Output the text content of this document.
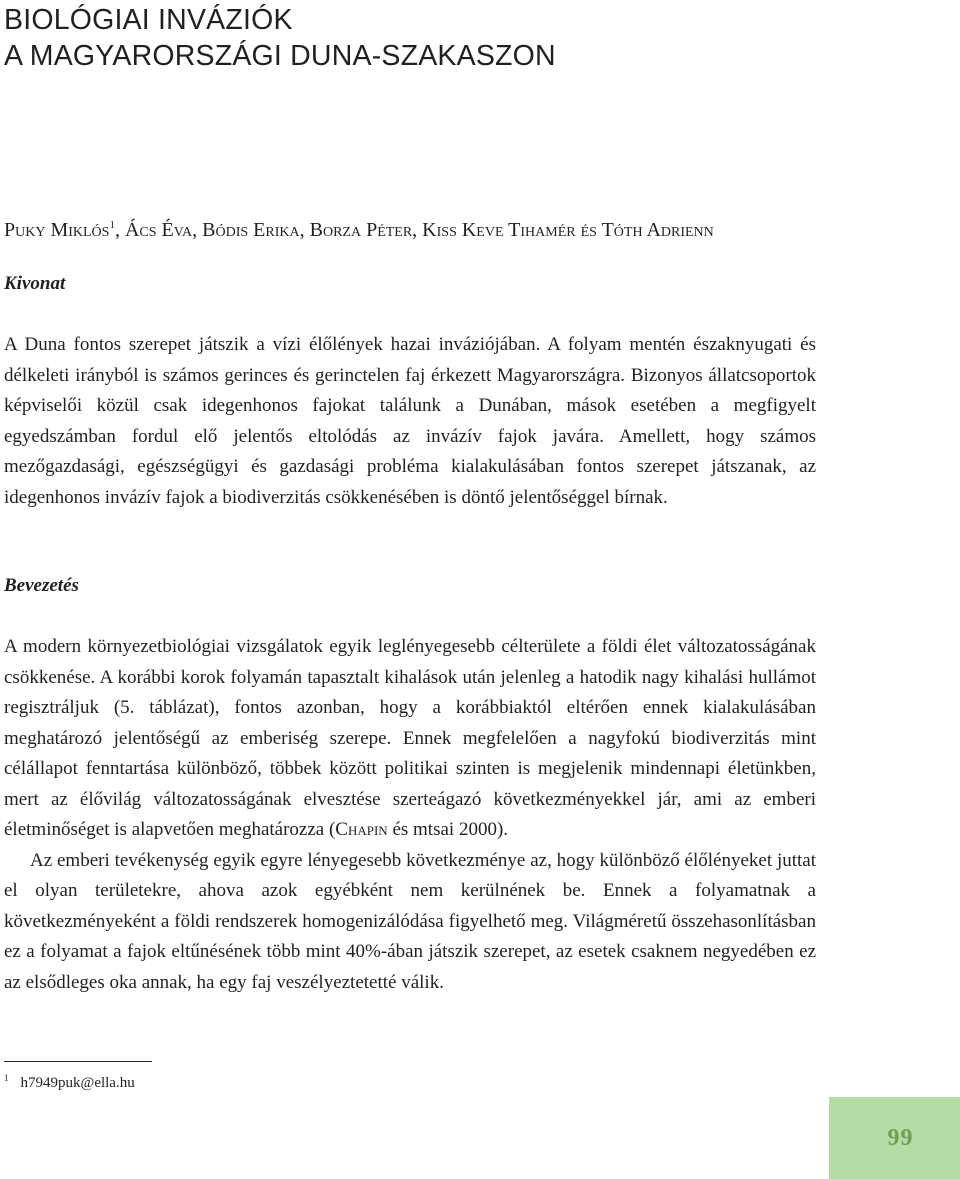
BIOLÓGIAI INVÁZIÓK
A MAGYARORSZÁGI DUNA-SZAKASZON
Puky Miklós$^1$, Ács Éva, Bódis Erika, Borza Péter, Kiss Keve Tihamér és Tóth Adrienn
Kivonat

A Duna fontos szerepet játszik a vízi élőlények hazai inváziójában. A folyam mentén északnyugati és délkeleti irányból is számos gerinces és gerinctelen faj érkezett Magyarországra. Bizonyos állatcsoportok képviselői közül csak idegenhonos fajokat találunk a Dunában, mások esetében a megfigyelt egyedszámban fordul elő jelentős eltolódás az invázív fajok javára. Amellett, hogy számos mezőgazdasági, egészségügyi és gazdasági probléma kialakulásában fontos szerepet játszanak, az idegenhonos invázív fajok a biodiverzitás csökkenésében is döntő jelentőséggel bírnak.

Bevezetés

A modern környezetbiológiai vizsgálatok egyik leglényegesebb célterülete a földi élet változatosságának csökkenése. A korábbi korok folyamán tapasztalt kihalások után jelenleg a hatodik nagy kihalási hullámot regisztráljuk (5. táblázat), fontos azonban, hogy a korábbiaktól eltérően ennek kialakulásában meghatározó jelentőségű az emberiség szerepe. Ennek megfelelően a nagyfokú biodiverzitás mint célállapot fenntartása különböző, többek között politikai szinten is megjelenik mindennapi életünkben, mert az élővilág változatosságának elvesztése szerteágazó következményekkel jár, ami az emberi életminőséget is alapvetően meghatározza (Chapin és mtsai 2000).

Az emberi tevékenység egyik egyre lényegesebb következménye az, hogy különböző élőlényeket juttat el olyan területekre, ahova azok egyébként nem kerülnének be. Ennek a folyamatnak a következményeként a földi rendszerek homogenizálódása figyelhető meg. Világméretű összehasonlításban ez a folyamat a fajok eltűnésének több mint 40%-ában játszik szerepet, az esetek csaknem negyedében ez az elsődleges oka annak, ha egy faj veszélyeztetetté válik.

$^1$ h7949puk@ella.hu
99
